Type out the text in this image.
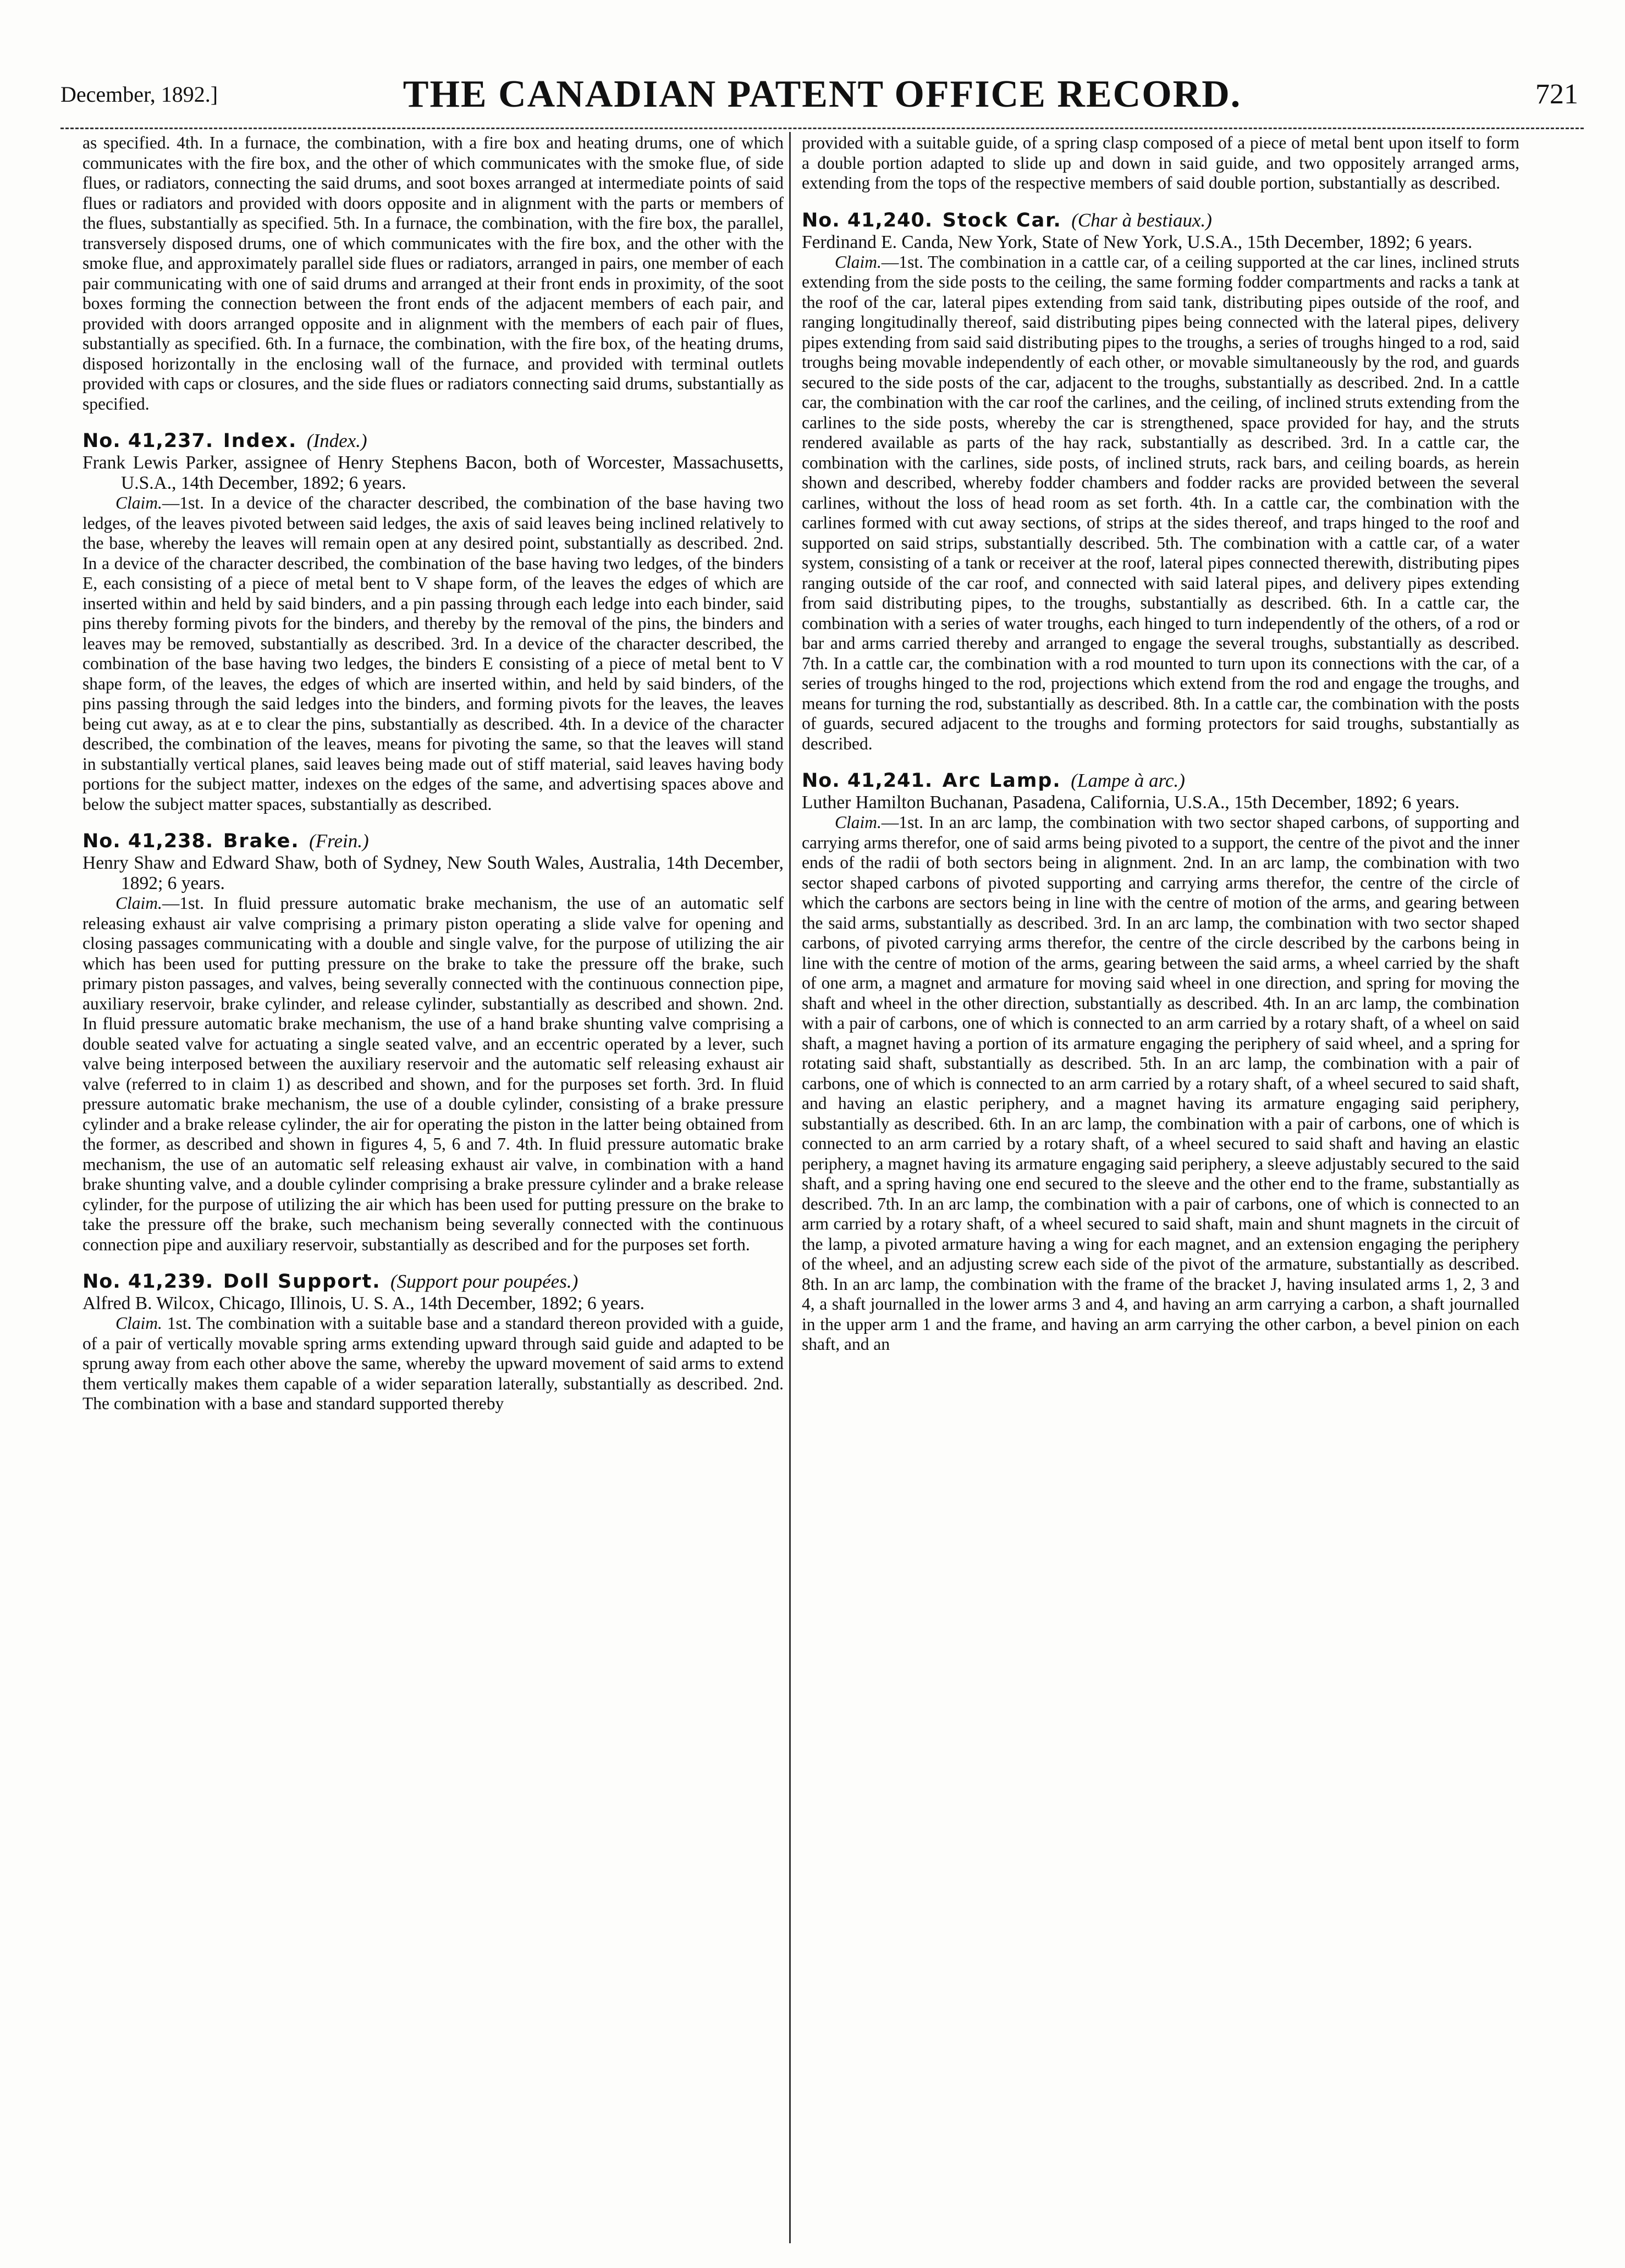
December, 1892.]	THE CANADIAN PATENT OFFICE RECORD.	721

as specified. 4th. In a furnace, the combination, with a fire box and heating drums, one of which communicates with the fire box, and the other of which communicates with the smoke flue, of side flues, or radiators, connecting the said drums, and soot boxes arranged at intermediate points of said flues or radiators and provided with doors opposite and in alignment with the parts or members of the flues, substantially as specified. 5th. In a furnace, the combination, with the fire box, the parallel, transversely disposed drums, one of which communicates with the fire box, and the other with the smoke flue, and approximately parallel side flues or radiators, arranged in pairs, one member of each pair communicating with one of said drums and arranged at their front ends in proximity, of the soot boxes forming the connection between the front ends of the adjacent members of each pair, and provided with doors arranged opposite and in alignment with the members of each pair of flues, substantially as specified. 6th. In a furnace, the combination, with the fire box, of the heating drums, disposed horizontally in the enclosing wall of the furnace, and provided with terminal outlets provided with caps or closures, and the side flues or radiators connecting said drums, substantially as specified.

No. 41,237. Index. (Index.)

Frank Lewis Parker, assignee of Henry Stephens Bacon, both of Worcester, Massachusetts, U.S.A., 14th December, 1892; 6 years.

Claim.—1st. In a device of the character described, the combination of the base having two ledges, of the leaves pivoted between said ledges, the axis of said leaves being inclined relatively to the base, whereby the leaves will remain open at any desired point, substantially as described. 2nd. In a device of the character described, the combination of the base having two ledges, of the binders E, each consisting of a piece of metal bent to V shape form, of the leaves the edges of which are inserted within and held by said binders, and a pin passing through each ledge into each binder, said pins thereby forming pivots for the binders, and thereby by the removal of the pins, the binders and leaves may be removed, substantially as described. 3rd. In a device of the character described, the combination of the base having two ledges, the binders E consisting of a piece of metal bent to V shape form, of the leaves, the edges of which are inserted within, and held by said binders, of the pins passing through the said ledges into the binders, and forming pivots for the leaves, the leaves being cut away, as at e to clear the pins, substantially as described. 4th. In a device of the character described, the combination of the leaves, means for pivoting the same, so that the leaves will stand in substantially vertical planes, said leaves being made out of stiff material, said leaves having body portions for the subject matter, indexes on the edges of the same, and advertising spaces above and below the subject matter spaces, substantially as described.

No. 41,238. Brake. (Frein.)

Henry Shaw and Edward Shaw, both of Sydney, New South Wales, Australia, 14th December, 1892; 6 years.

Claim.—1st. In fluid pressure automatic brake mechanism, the use of an automatic self releasing exhaust air valve comprising a primary piston operating a slide valve for opening and closing passages communicating with a double and single valve, for the purpose of utilizing the air which has been used for putting pressure on the brake to take the pressure off the brake, such primary piston passages, and valves, being severally connected with the continuous connection pipe, auxiliary reservoir, brake cylinder, and release cylinder, substantially as described and shown. 2nd. In fluid pressure automatic brake mechanism, the use of a hand brake shunting valve comprising a double seated valve for actuating a single seated valve, and an eccentric operated by a lever, such valve being interposed between the auxiliary reservoir and the automatic self releasing exhaust air valve (referred to in claim 1) as described and shown, and for the purposes set forth. 3rd. In fluid pressure automatic brake mechanism, the use of a double cylinder, consisting of a brake pressure cylinder and a brake release cylinder, the air for operating the piston in the latter being obtained from the former, as described and shown in figures 4, 5, 6 and 7. 4th. In fluid pressure automatic brake mechanism, the use of an automatic self releasing exhaust air valve, in combination with a hand brake shunting valve, and a double cylinder comprising a brake pressure cylinder and a brake release cylinder, for the purpose of utilizing the air which has been used for putting pressure on the brake to take the pressure off the brake, such mechanism being severally connected with the continuous connection pipe and auxiliary reservoir, substantially as described and for the purposes set forth.

No. 41,239. Doll Support. (Support pour poupées.)

Alfred B. Wilcox, Chicago, Illinois, U. S. A., 14th December, 1892; 6 years.

Claim. 1st. The combination with a suitable base and a standard thereon provided with a guide, of a pair of vertically movable spring arms extending upward through said guide and adapted to be sprung away from each other above the same, whereby the upward movement of said arms to extend them vertically makes them capable of a wider separation laterally, substantially as described. 2nd. The combination with a base and standard supported thereby

provided with a suitable guide, of a spring clasp composed of a piece of metal bent upon itself to form a double portion adapted to slide up and down in said guide, and two oppositely arranged arms, extending from the tops of the respective members of said double portion, substantially as described.

No. 41,240. Stock Car. (Char à bestiaux.)

Ferdinand E. Canda, New York, State of New York, U.S.A., 15th December, 1892; 6 years.

Claim.—1st. The combination in a cattle car, of a ceiling supported at the car lines, inclined struts extending from the side posts to the ceiling, the same forming fodder compartments and racks a tank at the roof of the car, lateral pipes extending from said tank, distributing pipes outside of the roof, and ranging longitudinally thereof, said distributing pipes being connected with the lateral pipes, delivery pipes extending from said said distributing pipes to the troughs, a series of troughs hinged to a rod, said troughs being movable independently of each other, or movable simultaneously by the rod, and guards secured to the side posts of the car, adjacent to the troughs, substantially as described. 2nd. In a cattle car, the combination with the car roof the carlines, and the ceiling, of inclined struts extending from the carlines to the side posts, whereby the car is strengthened, space provided for hay, and the struts rendered available as parts of the hay rack, substantially as described. 3rd. In a cattle car, the combination with the carlines, side posts, of inclined struts, rack bars, and ceiling boards, as herein shown and described, whereby fodder chambers and fodder racks are provided between the several carlines, without the loss of head room as set forth. 4th. In a cattle car, the combination with the carlines formed with cut away sections, of strips at the sides thereof, and traps hinged to the roof and supported on said strips, substantially described. 5th. The combination with a cattle car, of a water system, consisting of a tank or receiver at the roof, lateral pipes connected therewith, distributing pipes ranging outside of the car roof, and connected with said lateral pipes, and delivery pipes extending from said distributing pipes, to the troughs, substantially as described. 6th. In a cattle car, the combination with a series of water troughs, each hinged to turn independently of the others, of a rod or bar and arms carried thereby and arranged to engage the several troughs, substantially as described. 7th. In a cattle car, the combination with a rod mounted to turn upon its connections with the car, of a series of troughs hinged to the rod, projections which extend from the rod and engage the troughs, and means for turning the rod, substantially as described. 8th. In a cattle car, the combination with the posts of guards, secured adjacent to the troughs and forming protectors for said troughs, substantially as described.

No. 41,241. Arc Lamp. (Lampe à arc.)

Luther Hamilton Buchanan, Pasadena, California, U.S.A., 15th December, 1892; 6 years.

Claim.—1st. In an arc lamp, the combination with two sector shaped carbons, of supporting and carrying arms therefor, one of said arms being pivoted to a support, the centre of the pivot and the inner ends of the radii of both sectors being in alignment. 2nd. In an arc lamp, the combination with two sector shaped carbons of pivoted supporting and carrying arms therefor, the centre of the circle of which the carbons are sectors being in line with the centre of motion of the arms, and gearing between the said arms, substantially as described. 3rd. In an arc lamp, the combination with two sector shaped carbons, of pivoted carrying arms therefor, the centre of the circle described by the carbons being in line with the centre of motion of the arms, gearing between the said arms, a wheel carried by the shaft of one arm, a magnet and armature for moving said wheel in one direction, and spring for moving the shaft and wheel in the other direction, substantially as described. 4th. In an arc lamp, the combination with a pair of carbons, one of which is connected to an arm carried by a rotary shaft, of a wheel on said shaft, a magnet having a portion of its armature engaging the periphery of said wheel, and a spring for rotating said shaft, substantially as described. 5th. In an arc lamp, the combination with a pair of carbons, one of which is connected to an arm carried by a rotary shaft, of a wheel secured to said shaft, and having an elastic periphery, and a magnet having its armature engaging said periphery, substantially as described. 6th. In an arc lamp, the combination with a pair of carbons, one of which is connected to an arm carried by a rotary shaft, of a wheel secured to said shaft and having an elastic periphery, a magnet having its armature engaging said periphery, a sleeve adjustably secured to the said shaft, and a spring having one end secured to the sleeve and the other end to the frame, substantially as described. 7th. In an arc lamp, the combination with a pair of carbons, one of which is connected to an arm carried by a rotary shaft, of a wheel secured to said shaft, main and shunt magnets in the circuit of the lamp, a pivoted armature having a wing for each magnet, and an extension engaging the periphery of the wheel, and an adjusting screw each side of the pivot of the armature, substantially as described. 8th. In an arc lamp, the combination with the frame of the bracket J, having insulated arms 1, 2, 3 and 4, a shaft journalled in the lower arms 3 and 4, and having an arm carrying a carbon, a shaft journalled in the upper arm 1 and the frame, and having an arm carrying the other carbon, a bevel pinion on each shaft, and an
